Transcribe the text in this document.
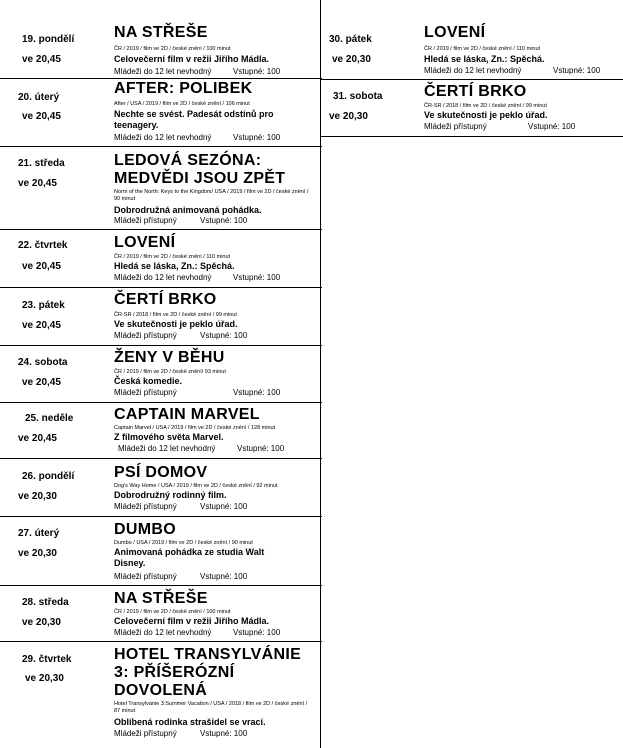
19. pondělí
ve 20,45
NA STŘEŠE
ČR / 2019 / film ve 2D / české znění / 100 minut
Celovečerní film v režii Jiřího Mádla.
Mládeži do 12 let nevhodný	Vstupné: 100
20. úterý
ve 20,45
AFTER: POLIBEK
After / USA / 2019 / film ve 2D / české znění / 106 minut
Nechte se svést. Padesát odstínů pro teenagery.
Mládeži do 12 let nevhodný	Vstupné: 100
21. středa
ve 20,45
LEDOVÁ SEZÓNA: MEDVĚDI JSOU ZPĚT
Norm of the North: Keys to the Kingdom/ USA / 2019 / film ve 2D / české znění / 90 minut
Dobrodružná animovaná pohádka.
Mládeži přístupný	Vstupné: 100
22. čtvrtek
ve 20,45
LOVENÍ
ČR / 2019 / film ve 2D / české znění / 110 minut
Hledá se láska, Zn.: Spěchá.
Mládeži do 12 let nevhodný	Vstupné: 100
23. pátek
ve 20,45
ČERTÍ BRKO
ČR-SR / 2018 / film ve 2D / české znění / 99 minut
Ve skutečnosti je peklo úřad.
Mládeži přístupný	Vstupné: 100
24. sobota
ve 20,45
ŽENY V BĚHU
ČR / 2019 / film ve 2D / české znění/ 93 minut
Česká komedie.
Mládeži přístupný	Vstupné: 100
25. neděle
ve 20,45
CAPTAIN MARVEL
Captain Marvel / USA / 2019 / film ve 2D / české znění / 128 minut
Z filmového světa Marvel.
Mládeži do 12 let nevhodný	Vstupné: 100
26. pondělí
ve 20,30
PSÍ DOMOV
Dog's Way Home / USA / 2019 / film ve 2D / české znění / 92 minut
Dobrodružný rodinný film.
Mládeži přístupný	Vstupné: 100
27. úterý
ve 20,30
DUMBO
Dumbo / USA / 2019 / film ve 2D / české znění / 90 minut
Animovaná pohádka ze studia Walt Disney.
Mládeži přístupný	Vstupné: 100
28. středa
ve 20,30
NA STŘEŠE
ČR / 2019 / film ve 2D / české znění / 100 minut
Celovečerní film v režii Jiřího Mádla.
Mládeži do 12 let nevhodný	Vstupné: 100
29. čtvrtek
ve 20,30
HOTEL TRANSYLVÁNIE 3: PŘÍŠERÓZNÍ DOVOLENÁ
Hotel Transylvánie 3:Summer Vacation / USA / 2018 / film ve 2D / české znění / 87 minut
Oblíbená rodinka strašidel se vrací.
Mládeži přístupný	Vstupné: 100
30. pátek
ve 20,30
LOVENÍ
ČR / 2019 / film ve 2D / české znění / 110 minut
Hledá se láska, Zn.: Spěchá.
Mládeži do 12 let nevhodný	Vstupné: 100
31. sobota
ve 20,30
ČERTÍ BRKO
ČR-SR / 2018 / film ve 2D / české znění / 99 minut
Ve skutečnosti je peklo úřad.
Mládeži přístupný	Vstupné: 100
